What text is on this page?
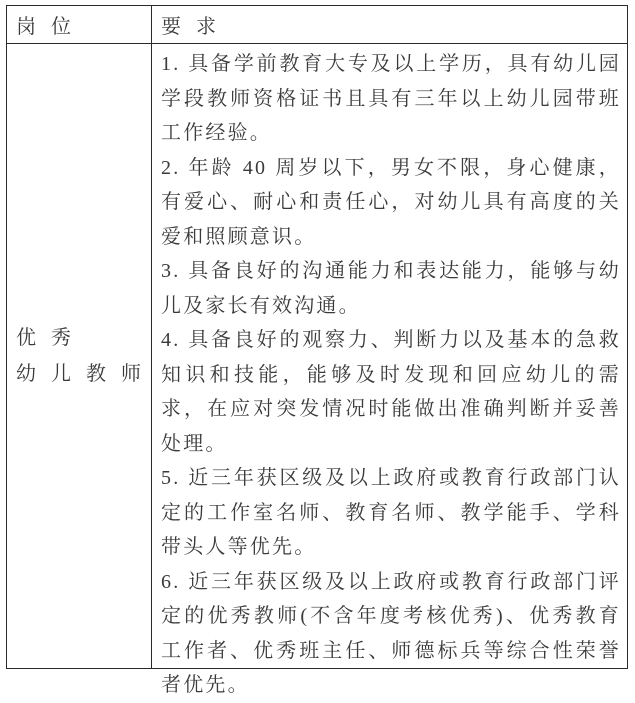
岗 位	要 求
优 秀
幼 儿 教 师

1. 具备学前教育大专及以上学历，具有幼儿园学段教师资格证书且具有三年以上幼儿园带班工作经验。

2. 年龄 40 周岁以下，男女不限，身心健康，有爱心、耐心和责任心，对幼儿具有高度的关爱和照顾意识。

3. 具备良好的沟通能力和表达能力，能够与幼儿及家长有效沟通。

4. 具备良好的观察力、判断力以及基本的急救知识和技能，能够及时发现和回应幼儿的需求，在应对突发情况时能做出准确判断并妥善处理。

5. 近三年获区级及以上政府或教育行政部门认定的工作室名师、教育名师、教学能手、学科带头人等优先。

6. 近三年获区级及以上政府或教育行政部门评定的优秀教师(不含年度考核优秀)、优秀教育工作者、优秀班主任、师德标兵等综合性荣誉者优先。
